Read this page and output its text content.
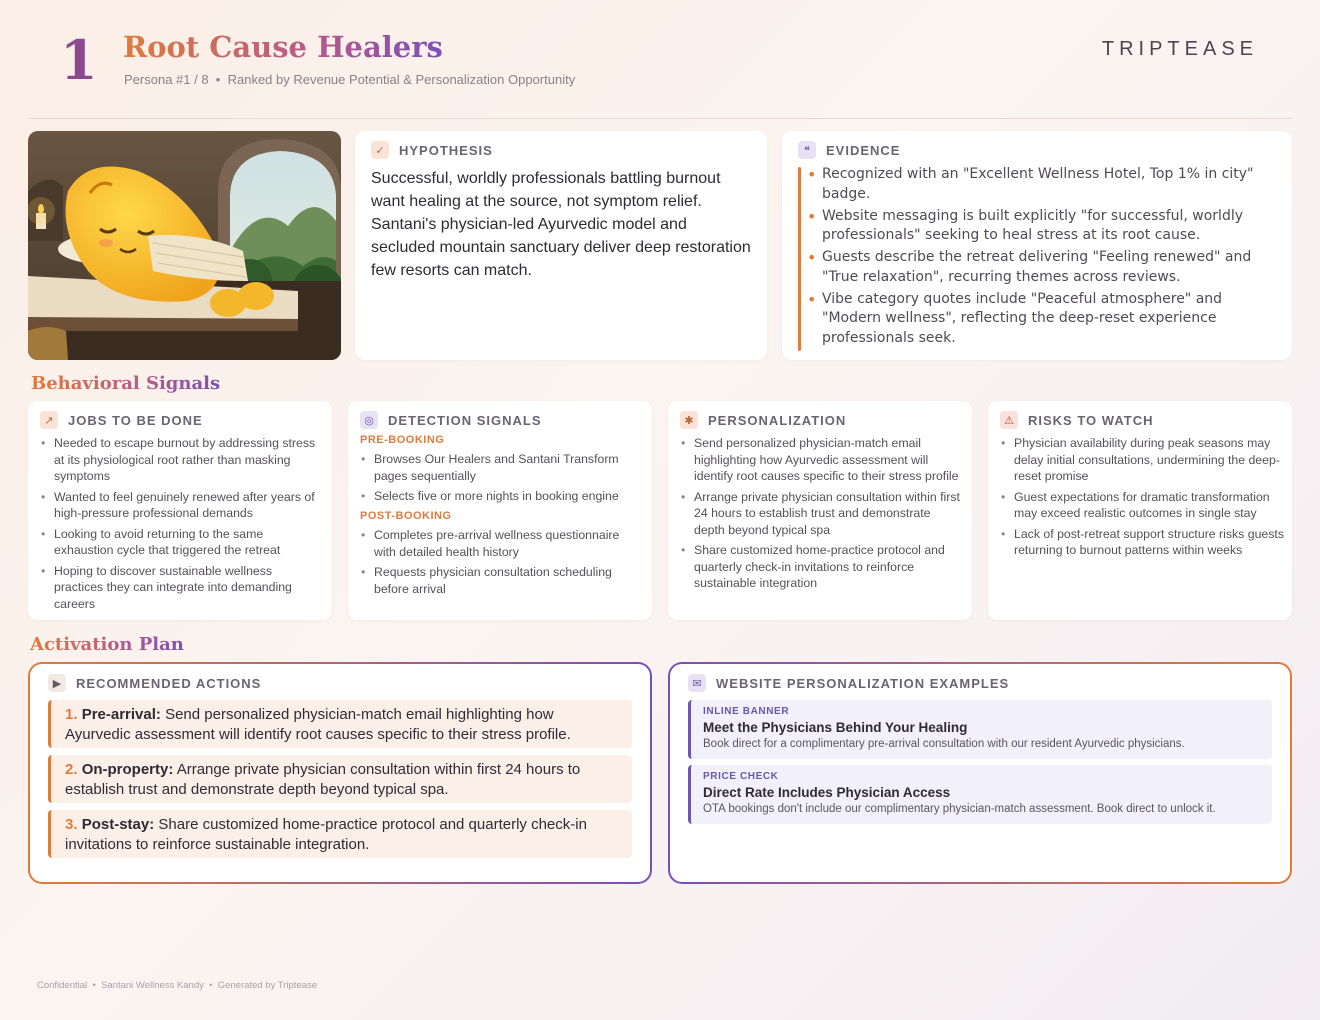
1 Root Cause Healers
Persona #1 / 8 • Ranked by Revenue Potential & Personalization Opportunity
TRIPTEASE
✓	HYPOTHESIS
Successful, worldly professionals battling burnout want healing at the source, not symptom relief. Santani's physician-led Ayurvedic model and secluded mountain sanctuary deliver deep restoration few resorts can match.
❝	EVIDENCE
• Recognized with an "Excellent Wellness Hotel, Top 1% in city" badge.
• Website messaging is built explicitly "for successful, worldly professionals" seeking to heal stress at its root cause.
• Guests describe the retreat delivering "Feeling renewed" and "True relaxation", recurring themes across reviews.
• Vibe category quotes include "Peaceful atmosphere" and "Modern wellness", reflecting the deep-reset experience professionals seek.
Behavioral Signals
↗	JOBS TO BE DONE
• Needed to escape burnout by addressing stress at its physiological root rather than masking symptoms
• Wanted to feel genuinely renewed after years of high-pressure professional demands
• Looking to avoid returning to the same exhaustion cycle that triggered the retreat
• Hoping to discover sustainable wellness practices they can integrate into demanding careers
◎	DETECTION SIGNALS
PRE-BOOKING
• Browses Our Healers and Santani Transform pages sequentially
• Selects five or more nights in booking engine
POST-BOOKING
• Completes pre-arrival wellness questionnaire with detailed health history
• Requests physician consultation scheduling before arrival
✱	PERSONALIZATION
• Send personalized physician-match email highlighting how Ayurvedic assessment will identify root causes specific to their stress profile
• Arrange private physician consultation within first 24 hours to establish trust and demonstrate depth beyond typical spa
• Share customized home-practice protocol and quarterly check-in invitations to reinforce sustainable integration
⚠	RISKS TO WATCH
• Physician availability during peak seasons may delay initial consultations, undermining the deep-reset promise
• Guest expectations for dramatic transformation may exceed realistic outcomes in single stay
• Lack of post-retreat support structure risks guests returning to burnout patterns within weeks
Activation Plan
▶	RECOMMENDED ACTIONS
1. Pre-arrival: Send personalized physician-match email highlighting how Ayurvedic assessment will identify root causes specific to their stress profile.
2. On-property: Arrange private physician consultation within first 24 hours to establish trust and demonstrate depth beyond typical spa.
3. Post-stay: Share customized home-practice protocol and quarterly check-in invitations to reinforce sustainable integration.
✉	WEBSITE PERSONALIZATION EXAMPLES
INLINE BANNER
Meet the Physicians Behind Your Healing
Book direct for a complimentary pre-arrival consultation with our resident Ayurvedic physicians.
PRICE CHECK
Direct Rate Includes Physician Access
OTA bookings don't include our complimentary physician-match assessment. Book direct to unlock it.
Confidential  •  Santani Wellness Kandy  •  Generated by Triptease
